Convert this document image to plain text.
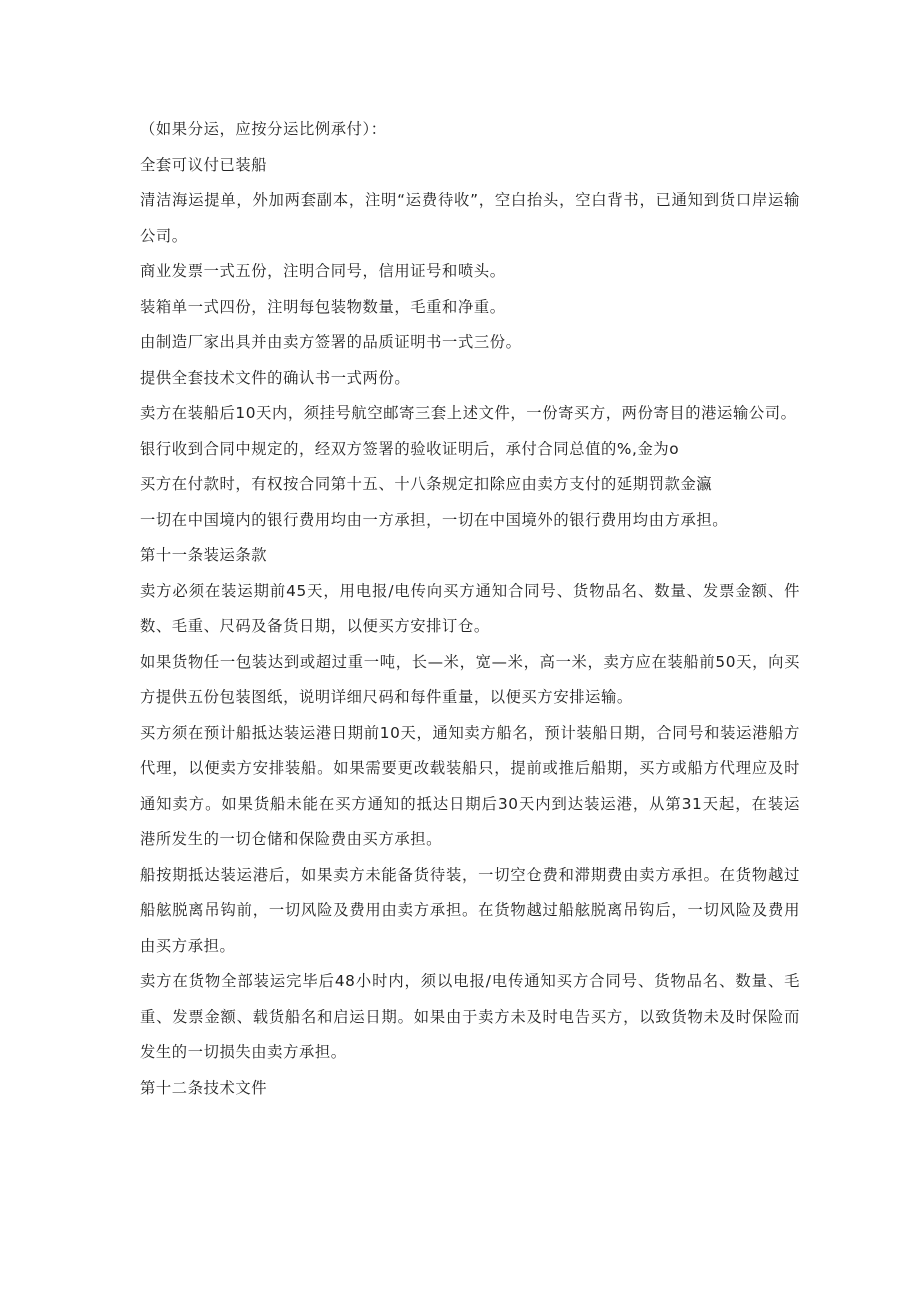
（如果分运，应按分运比例承付）：

全套可议付已装船

清洁海运提单，外加两套副本，注明“运费待收”，空白抬头，空白背书，已通知到货口岸运输公司。

商业发票一式五份，注明合同号，信用证号和喷头。

装箱单一式四份，注明每包装物数量，毛重和净重。

由制造厂家出具并由卖方签署的品质证明书一式三份。

提供全套技术文件的确认书一式两份。

卖方在装船后10天内，须挂号航空邮寄三套上述文件，一份寄买方，两份寄目的港运输公司。

银行收到合同中规定的，经双方签署的验收证明后，承付合同总值的%,金为o

买方在付款时，有权按合同第十五、十八条规定扣除应由卖方支付的延期罚款金瀛

一切在中国境内的银行费用均由一方承担，一切在中国境外的银行费用均由方承担。

第十一条装运条款

卖方必须在装运期前45天，用电报/电传向买方通知合同号、货物品名、数量、发票金额、件数、毛重、尺码及备货日期，以便买方安排订仓。

如果货物任一包装达到或超过重一吨，长—米，宽—米，高一米，卖方应在装船前50天，向买方提供五份包装图纸，说明详细尺码和每件重量，以便买方安排运输。

买方须在预计船抵达装运港日期前10天，通知卖方船名，预计装船日期，合同号和装运港船方代理，以便卖方安排装船。如果需要更改载装船只，提前或推后船期，买方或船方代理应及时通知卖方。如果货船未能在买方通知的抵达日期后30天内到达装运港，从第31天起，在装运港所发生的一切仓储和保险费由买方承担。

船按期抵达装运港后，如果卖方未能备货待装，一切空仓费和滞期费由卖方承担。在货物越过船舷脱离吊钩前，一切风险及费用由卖方承担。在货物越过船舷脱离吊钩后，一切风险及费用由买方承担。

卖方在货物全部装运完毕后48小时内，须以电报/电传通知买方合同号、货物品名、数量、毛重、发票金额、载货船名和启运日期。如果由于卖方未及时电告买方，以致货物未及时保险而发生的一切损失由卖方承担。

第十二条技术文件
